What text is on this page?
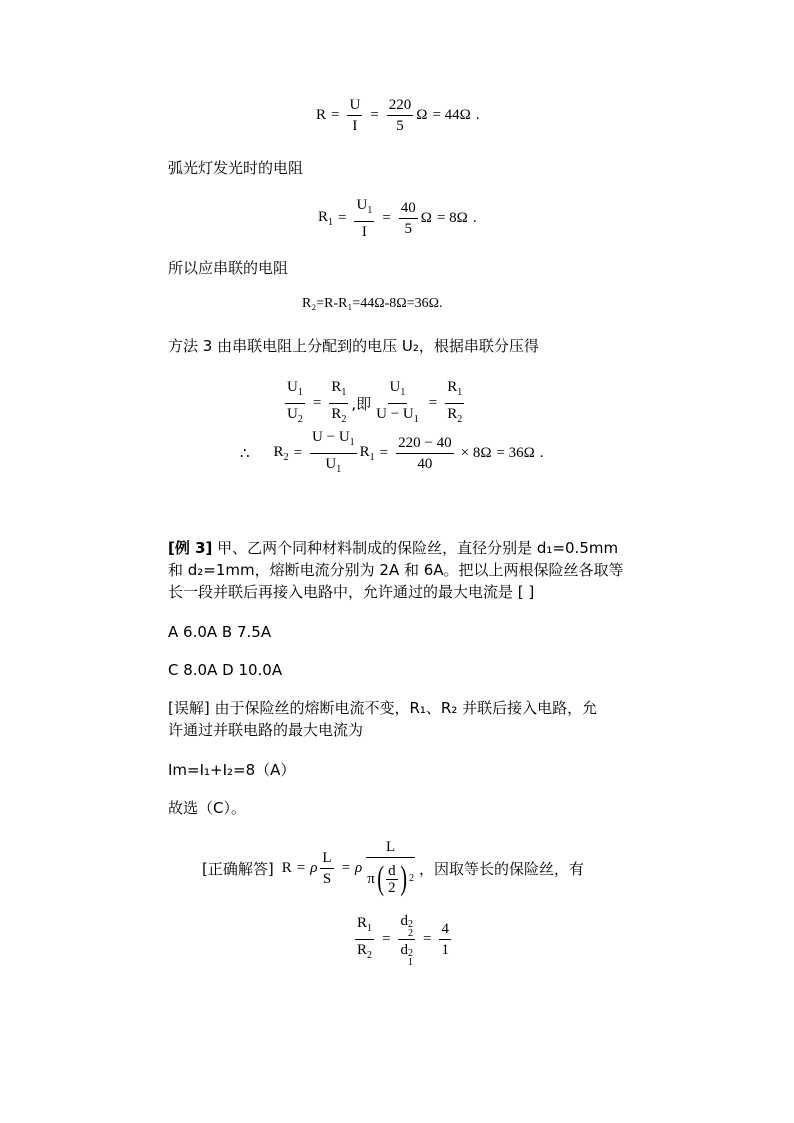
$R = \frac{U}{I} = \frac{220}{5}$ Ω = 44Ω .
弧光灯发光时的电阻
$R_1 = \frac{U_1}{I} = \frac{40}{5}$ Ω = 8Ω .
所以应串联的电阻
R₂=R-R₁=44Ω-8Ω=36Ω.
方法 3 由串联电阻上分配到的电压 U₂，根据串联分压得
$\frac{U_1}{U_2} = \frac{R_1}{R_2}$ ,即 $\frac{U_1}{U - U_1} = \frac{R_1}{R_2}$
∴ $R_2 = \frac{U - U_1}{U_1} R_1 = \frac{220 - 40}{40} \times 8\Omega = 36\Omega$ .
[例 3] 甲、乙两个同种材料制成的保险丝，直径分别是 d₁=0.5mm
和 d₂=1mm，熔断电流分别为 2A 和 6A。把以上两根保险丝各取等
长一段并联后再接入电路中，允许通过的最大电流是 [ ]
A 6.0A B 7.5A
C 8.0A D 10.0A
[误解] 由于保险丝的熔断电流不变，R₁、R₂ 并联后接入电路，允
许通过并联电路的最大电流为
Im=I₁+I₂=8（A）
故选（C）。
[正确解答] R = ρ $\frac{L}{S} = \rho$
L
π ( $\frac{d}{2}$ ) 2
，因取等长的保险丝，有
$\frac{R_1}{R_2} = d$ 2
2
d 2
$1 = \frac{4}{1}$
